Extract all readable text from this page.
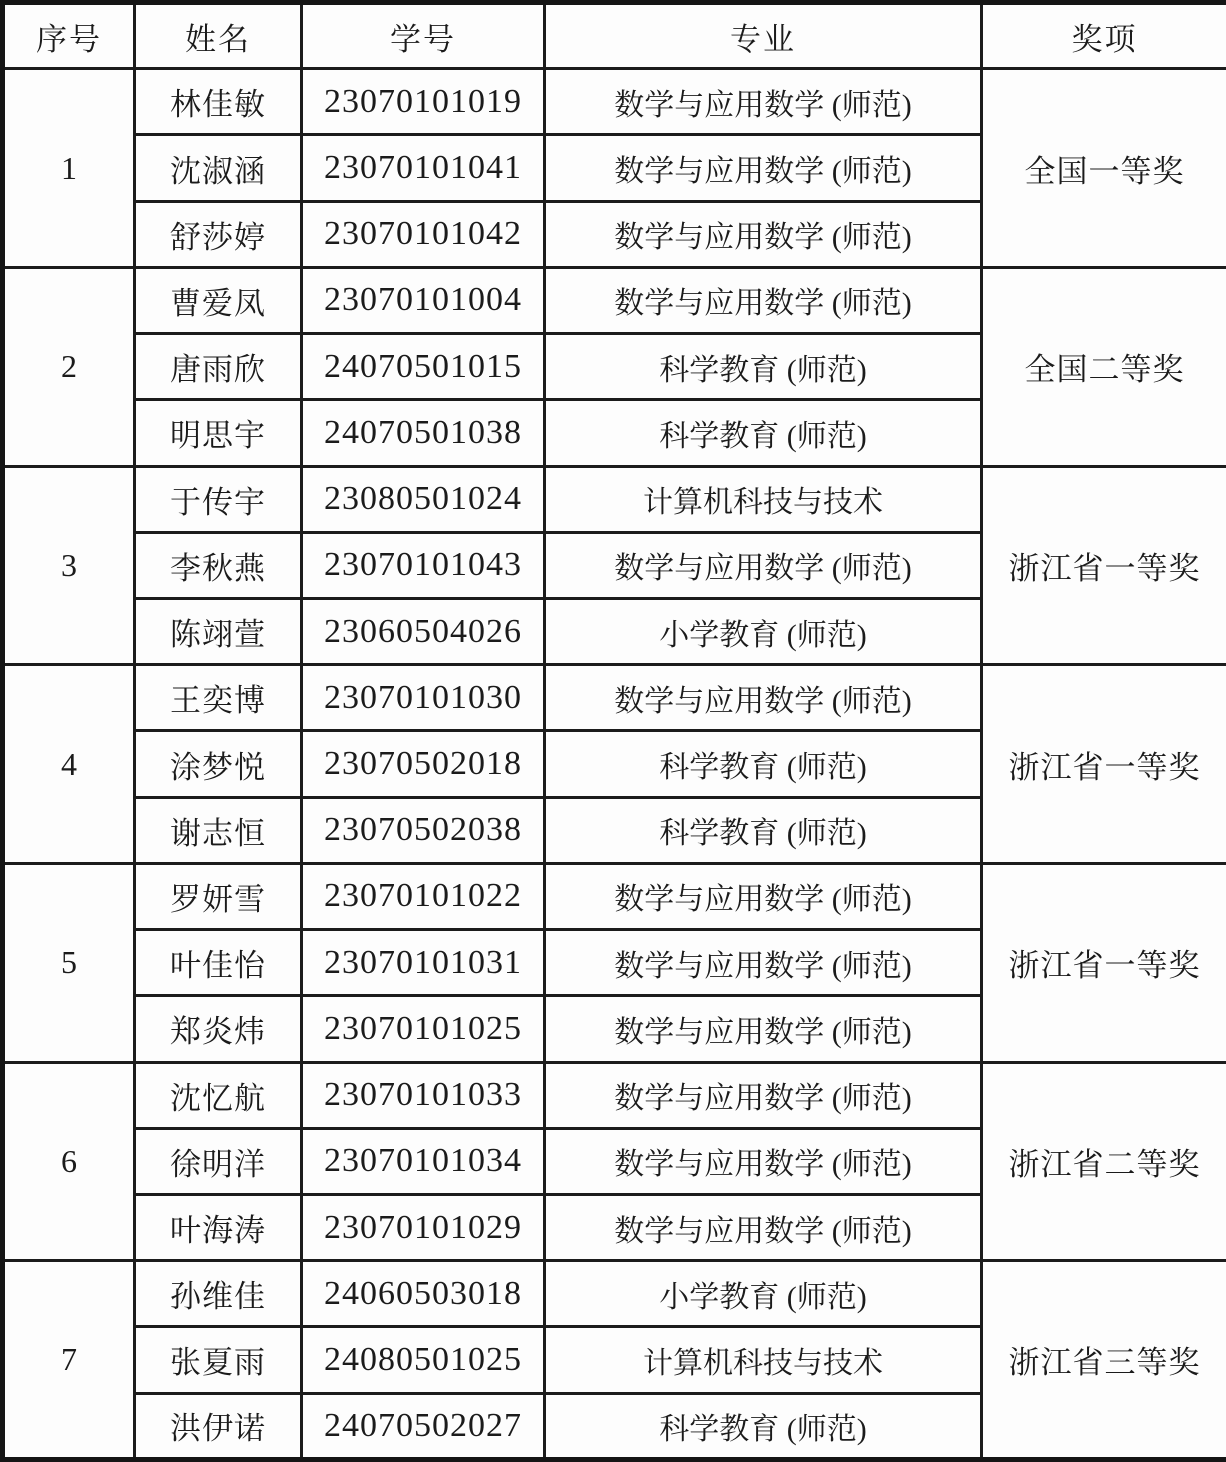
序号	姓名	学号	专业	奖项
1	林佳敏	23070101019	数学与应用数学 (师范)	全国一等奖
	沈淑涵	23070101041	数学与应用数学 (师范)	
	舒莎婷	23070101042	数学与应用数学 (师范)	
2	曹爱凤	23070101004	数学与应用数学 (师范)	全国二等奖
	唐雨欣	24070501015	科学教育 (师范)	
	明思宇	24070501038	科学教育 (师范)	
3	于传宇	23080501024	计算机科技与技术	浙江省一等奖
	李秋燕	23070101043	数学与应用数学 (师范)	
	陈翊萱	23060504026	小学教育 (师范)	
4	王奕博	23070101030	数学与应用数学 (师范)	浙江省一等奖
	涂梦悦	23070502018	科学教育 (师范)	
	谢志恒	23070502038	科学教育 (师范)	
5	罗妍雪	23070101022	数学与应用数学 (师范)	浙江省一等奖
	叶佳怡	23070101031	数学与应用数学 (师范)	
	郑炎炜	23070101025	数学与应用数学 (师范)	
6	沈忆航	23070101033	数学与应用数学 (师范)	浙江省二等奖
	徐明洋	23070101034	数学与应用数学 (师范)	
	叶海涛	23070101029	数学与应用数学 (师范)	
7	孙维佳	24060503018	小学教育 (师范)	浙江省三等奖
	张夏雨	24080501025	计算机科技与技术	
	洪伊诺	24070502027	科学教育 (师范)	
